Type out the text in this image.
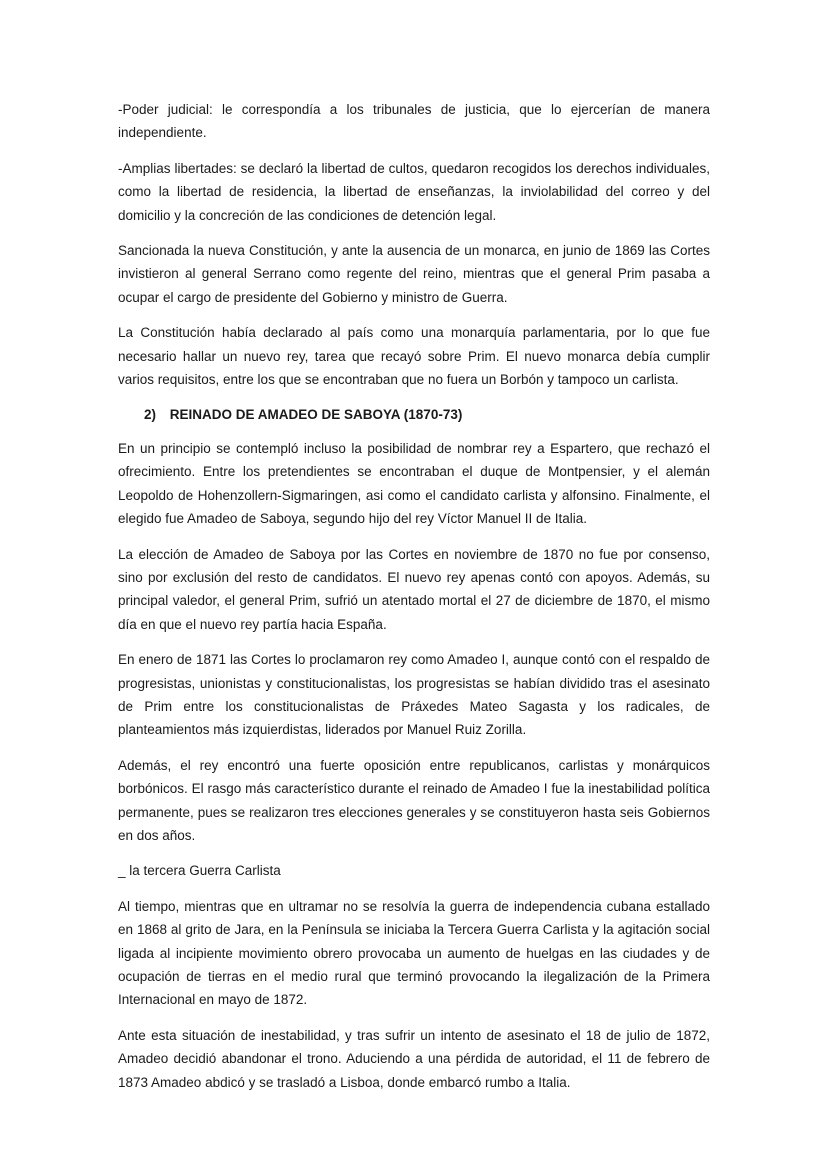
-Poder judicial: le correspondía a los tribunales de justicia, que lo ejercerían de manera independiente.

-Amplias libertades: se declaró la libertad de cultos, quedaron recogidos los derechos individuales, como la libertad de residencia, la libertad de enseñanzas, la inviolabilidad del correo y del domicilio y la concreción de las condiciones de detención legal.

Sancionada la nueva Constitución, y ante la ausencia de un monarca, en junio de 1869 las Cortes invistieron al general Serrano como regente del reino, mientras que el general Prim pasaba a ocupar el cargo de presidente del Gobierno y ministro de Guerra.

La Constitución había declarado al país como una monarquía parlamentaria, por lo que fue necesario hallar un nuevo rey, tarea que recayó sobre Prim. El nuevo monarca debía cumplir varios requisitos, entre los que se encontraban que no fuera un Borbón y tampoco un carlista.

2) REINADO DE AMADEO DE SABOYA (1870-73)

En un principio se contempló incluso la posibilidad de nombrar rey a Espartero, que rechazó el ofrecimiento. Entre los pretendientes se encontraban el duque de Montpensier, y el alemán Leopoldo de Hohenzollern-Sigmaringen, asi como el candidato carlista y alfonsino. Finalmente, el elegido fue Amadeo de Saboya, segundo hijo del rey Víctor Manuel II de Italia.

La elección de Amadeo de Saboya por las Cortes en noviembre de 1870 no fue por consenso, sino por exclusión del resto de candidatos. El nuevo rey apenas contó con apoyos. Además, su principal valedor, el general Prim, sufrió un atentado mortal el 27 de diciembre de 1870, el mismo día en que el nuevo rey partía hacia España.

En enero de 1871 las Cortes lo proclamaron rey como Amadeo I, aunque contó con el respaldo de progresistas, unionistas y constitucionalistas, los progresistas se habían dividido tras el asesinato de Prim entre los constitucionalistas de Práxedes Mateo Sagasta y los radicales, de planteamientos más izquierdistas, liderados por Manuel Ruiz Zorilla.

Además, el rey encontró una fuerte oposición entre republicanos, carlistas y monárquicos borbónicos. El rasgo más característico durante el reinado de Amadeo I fue la inestabilidad política permanente, pues se realizaron tres elecciones generales y se constituyeron hasta seis Gobiernos en dos años.

_ la tercera Guerra Carlista

Al tiempo, mientras que en ultramar no se resolvía la guerra de independencia cubana estallado en 1868 al grito de Jara, en la Península se iniciaba la Tercera Guerra Carlista y la agitación social ligada al incipiente movimiento obrero provocaba un aumento de huelgas en las ciudades y de ocupación de tierras en el medio rural que terminó provocando la ilegalización de la Primera Internacional en mayo de 1872.

Ante esta situación de inestabilidad, y tras sufrir un intento de asesinato el 18 de julio de 1872, Amadeo decidió abandonar el trono. Aduciendo a una pérdida de autoridad, el 11 de febrero de 1873 Amadeo abdicó y se trasladó a Lisboa, donde embarcó rumbo a Italia.
